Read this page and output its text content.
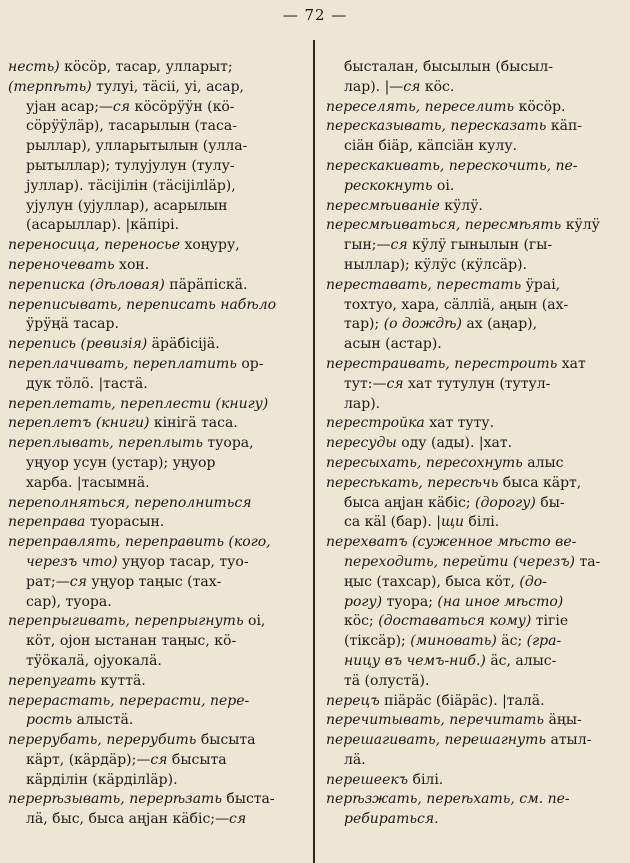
— 72 —
несть) кӧсӧр, тасар, уллaрыт;
(терпѣть) тулуі, тäсіі, уі, асар,
уjан асар;—ся кӧсӧрӱӱн (кӧ-
сӧрӱӱлäр), тасaрылын (таса-
рыллар), уллaрытылын (улла-
рытыллар); тулуjулун (тулу-
jуллар). тäсіjілін (тäсіjілläр),
уjулун (уjуллар), асарылын
(асарыллар). |кäпiрi.
переносица, переносье хоңуру,
переночевать хон.
переписка (дѣловая) пäрäпiскä.
переписывать, переписать набѣло
ӱрӱңä тасар.
перепись (ревизія) äрäбiсiјä.
переплачивать, переплатить ор-
дук тӧлӧ. |тастä.
переплетать, переплести (книгу)
переплетъ (книги) кiнiгä таса.
переплывать, переплыть туора,
уңуор усун (устар); уңуор
харба. |тасымнä.
переполняться, переполниться
переправа туорасын.
переправлять, переправить (кого,
черезъ что) уңуор тасар, туо-
рат;—ся уңуор таңыс (тах-
сар), туора.
перепрыгивать, перепрыгнуть оi,
кӧт, оjон ыстанан таңыс, кӧ-
тӱӧкалä, оjуокалä.
перепугать куттä.
перерастать, перерасти, пере-
рость алыстä.
перерубать, перерубить бысыта
кäрт, (кäрдäр);—ся бысыта
кäрдiлiн (кäрдiлläр).
перерѣзывать, перерѣзать быста-
лä, быс, быса аңjан кäбiс;—ся
быстaлан, бысылын (бысыл-
лар). |—ся кӧс.
переселять, переселить кӧсӧр.
пересказывать, пересказать кäп-
сiäн бiäр, кäпсiäн кулу.
перескакивать, перескочить, пе-
рескокнуть оi.
пересмѣиваніе кӱлӱ.
пересмѣиваться, пересмѣять кӱлӱ
гын;—ся кӱлӱ гынылын (гы-
ныллар); кӱлӱс (кӱлсäр).
переставать, перестать ӱраі,
тохтуо, хара, сäлліä, аңын (ах-
тар); (о дождѣ) ах (аңар),
асын (астар).
перестраивать, перестроить хат
тут:—ся хат тутулун (тутул-
лар).
перестройка хат туту.
пересуды оду (ады). |хат.
пересыхать, пересохнуть алыс
пересѣкать, пересѣчь быса кäрт,
быса аңjан кäбiс; (дорогу) бы-
са кäl (бар). |щи бiлi.
перехватъ (суженное мѣсто ве-
переходить, перейти (черезъ) та-
ңыс (тахсар), быса кӧт, (до-
рогу) туора; (на иное мѣсто)
кӧс; (доставаться кому) тiгiе
(тiксäр); (миновать) äс; (гра-
ницу въ чемъ-ниб.) äс, алыс-
тä (олустä).
перецъ пiäрäс (бiäрäс). |талä.
перечитывать, перечитать äңы-
перешагивать, перешагнуть атыл-
лä.
перешеекъ бiлi.
перѣзжать, переѣхать, см. пе-
ребираться.
